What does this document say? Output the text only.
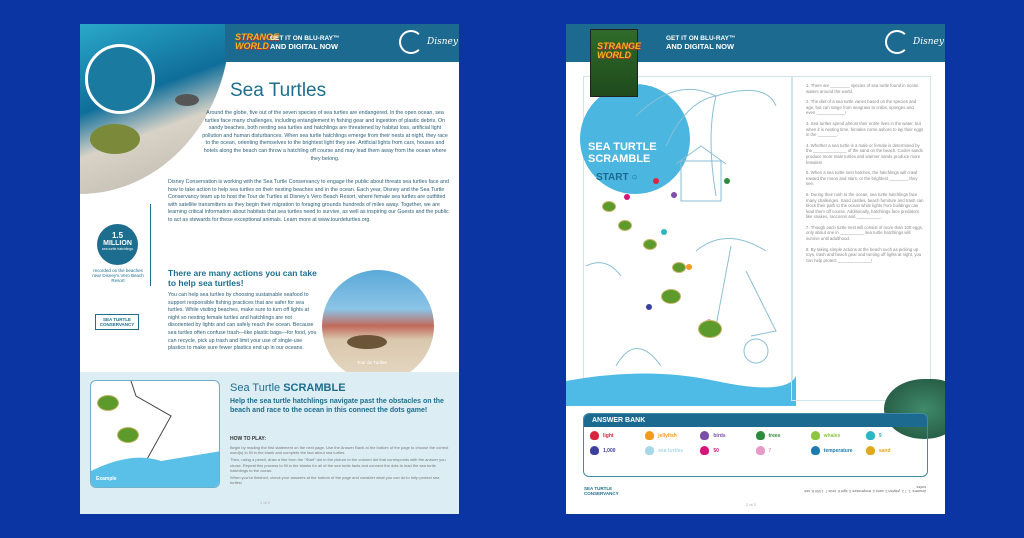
STRANGE WORLD
GET IT ON BLU-RAY™
AND DIGITAL NOW	Disney
Sea Turtles
Around the globe, five out of the seven species of sea turtles are endangered. In the open ocean, sea turtles face many challenges, including entanglement in fishing gear and ingestion of plastic debris. On sandy beaches, both nesting sea turtles and hatchlings are threatened by habitat loss, artificial light pollution and human disturbances. When sea turtle hatchlings emerge from their nests at night, they race to the ocean, orienting themselves to the brightest light they see. Artificial lights from cars, houses and hotels along the beach can throw a hatchling off course and may lead them away from the ocean where they belong.
Disney Conservation is working with the Sea Turtle Conservancy to engage the public about threats sea turtles face and how to take action to help sea turtles on their nesting beaches and in the ocean. Each year, Disney and the Sea Turtle Conservancy team up to host the Tour de Turtles at Disney's Vero Beach Resort, where female sea turtles are outfitted with satellite transmitters as they begin their migration to foraging grounds hundreds of miles away. Together, we are learning critical information about habitats that sea turtles need to survive, as well as inspiring our Guests and the public to act as stewards for these exceptional animals. Learn more at www.tourdeturtles.org.
1.5
MILLION
sea turtle hatchlings
recorded on the beaches near Disney's Vero Beach Resort
SEA TURTLE CONSERVANCY
There are many actions you can take to help sea turtles!
You can help sea turtles by choosing sustainable seafood to support responsible fishing practices that are safer for sea turtles. While visiting beaches, make sure to turn off lights at night so nesting female turtles and hatchlings are not disoriented by lights and can safely reach the ocean. Because sea turtles often confuse trash—like plastic bags—for food, you can recycle, pick up trash and limit your use of single-use plastics to make sure fewer plastics end up in our oceans.
Tour de Turtles
Example
Sea Turtle SCRAMBLE
Help the sea turtle hatchlings navigate past the obstacles on the beach and race to the ocean in this connect the dots game!
HOW TO PLAY:

Begin by reading the first statement on the next page. Use the Answer Bank at the bottom of the page to choose the correct word(s) to fill in the blank and complete the fact about sea turtles.

Then, using a pencil, draw a line from the "Start" dot in the picture to the colored dot that corresponds with the answer you chose. Repeat this process to fill in the blanks for all of the sea turtle facts and connect the dots to lead the sea turtle hatchlings to the ocean.

When you've finished, check your answers at the bottom of the page and consider what you can do to help protect sea turtles!

1 of 2
GET IT ON BLU-RAY™
AND DIGITAL NOW	Disney
SEA TURTLE SCRAMBLE
STRANGE WORLD
START ○
1. There are ________ species of sea turtle found in ocean waters around the world.
2. The diet of a sea turtle varies based on the species and age, but can range from seagrass to crabs, sponges and even ____________!
3. Sea turtles spend almost their entire lives in the water, but when it is nesting time, females come ashore to lay their eggs in the ________.
4. Whether a sea turtle is a male or female is determined by the ______________ of the sand on the beach. Cooler sands produce more male turtles and warmer sands produce more females!
5. When a sea turtle nest hatches, the hatchlings will crawl toward the moon and stars, or the brightest ________ they see.
6. During their rush to the ocean, sea turtle hatchlings face many challenges. Sand castles, beach furniture and trash can block their path to the ocean while lights from buildings can lead them off course. Additionally, hatchlings face predators like snakes, raccoons and __________.
7. Though each turtle nest will consist of more than 100 eggs, only about one in __________ sea turtle hatchlings will survive until adulthood.
8. By taking simple actions at the beach such as picking up toys, trash and beach gear and turning off lights at night, you can help protect ______________!
ANSWER BANK
light	jellyfish	birds	trees	whales	9
1,000	sea turtles	50	7	temperature	sand
SEA TURTLE CONSERVANCY	Answers: 1. 7 2. jellyfish 3. sand 4. temperature 5. light 6. birds 7. 1,000 8. sea turtles
2 of 2
